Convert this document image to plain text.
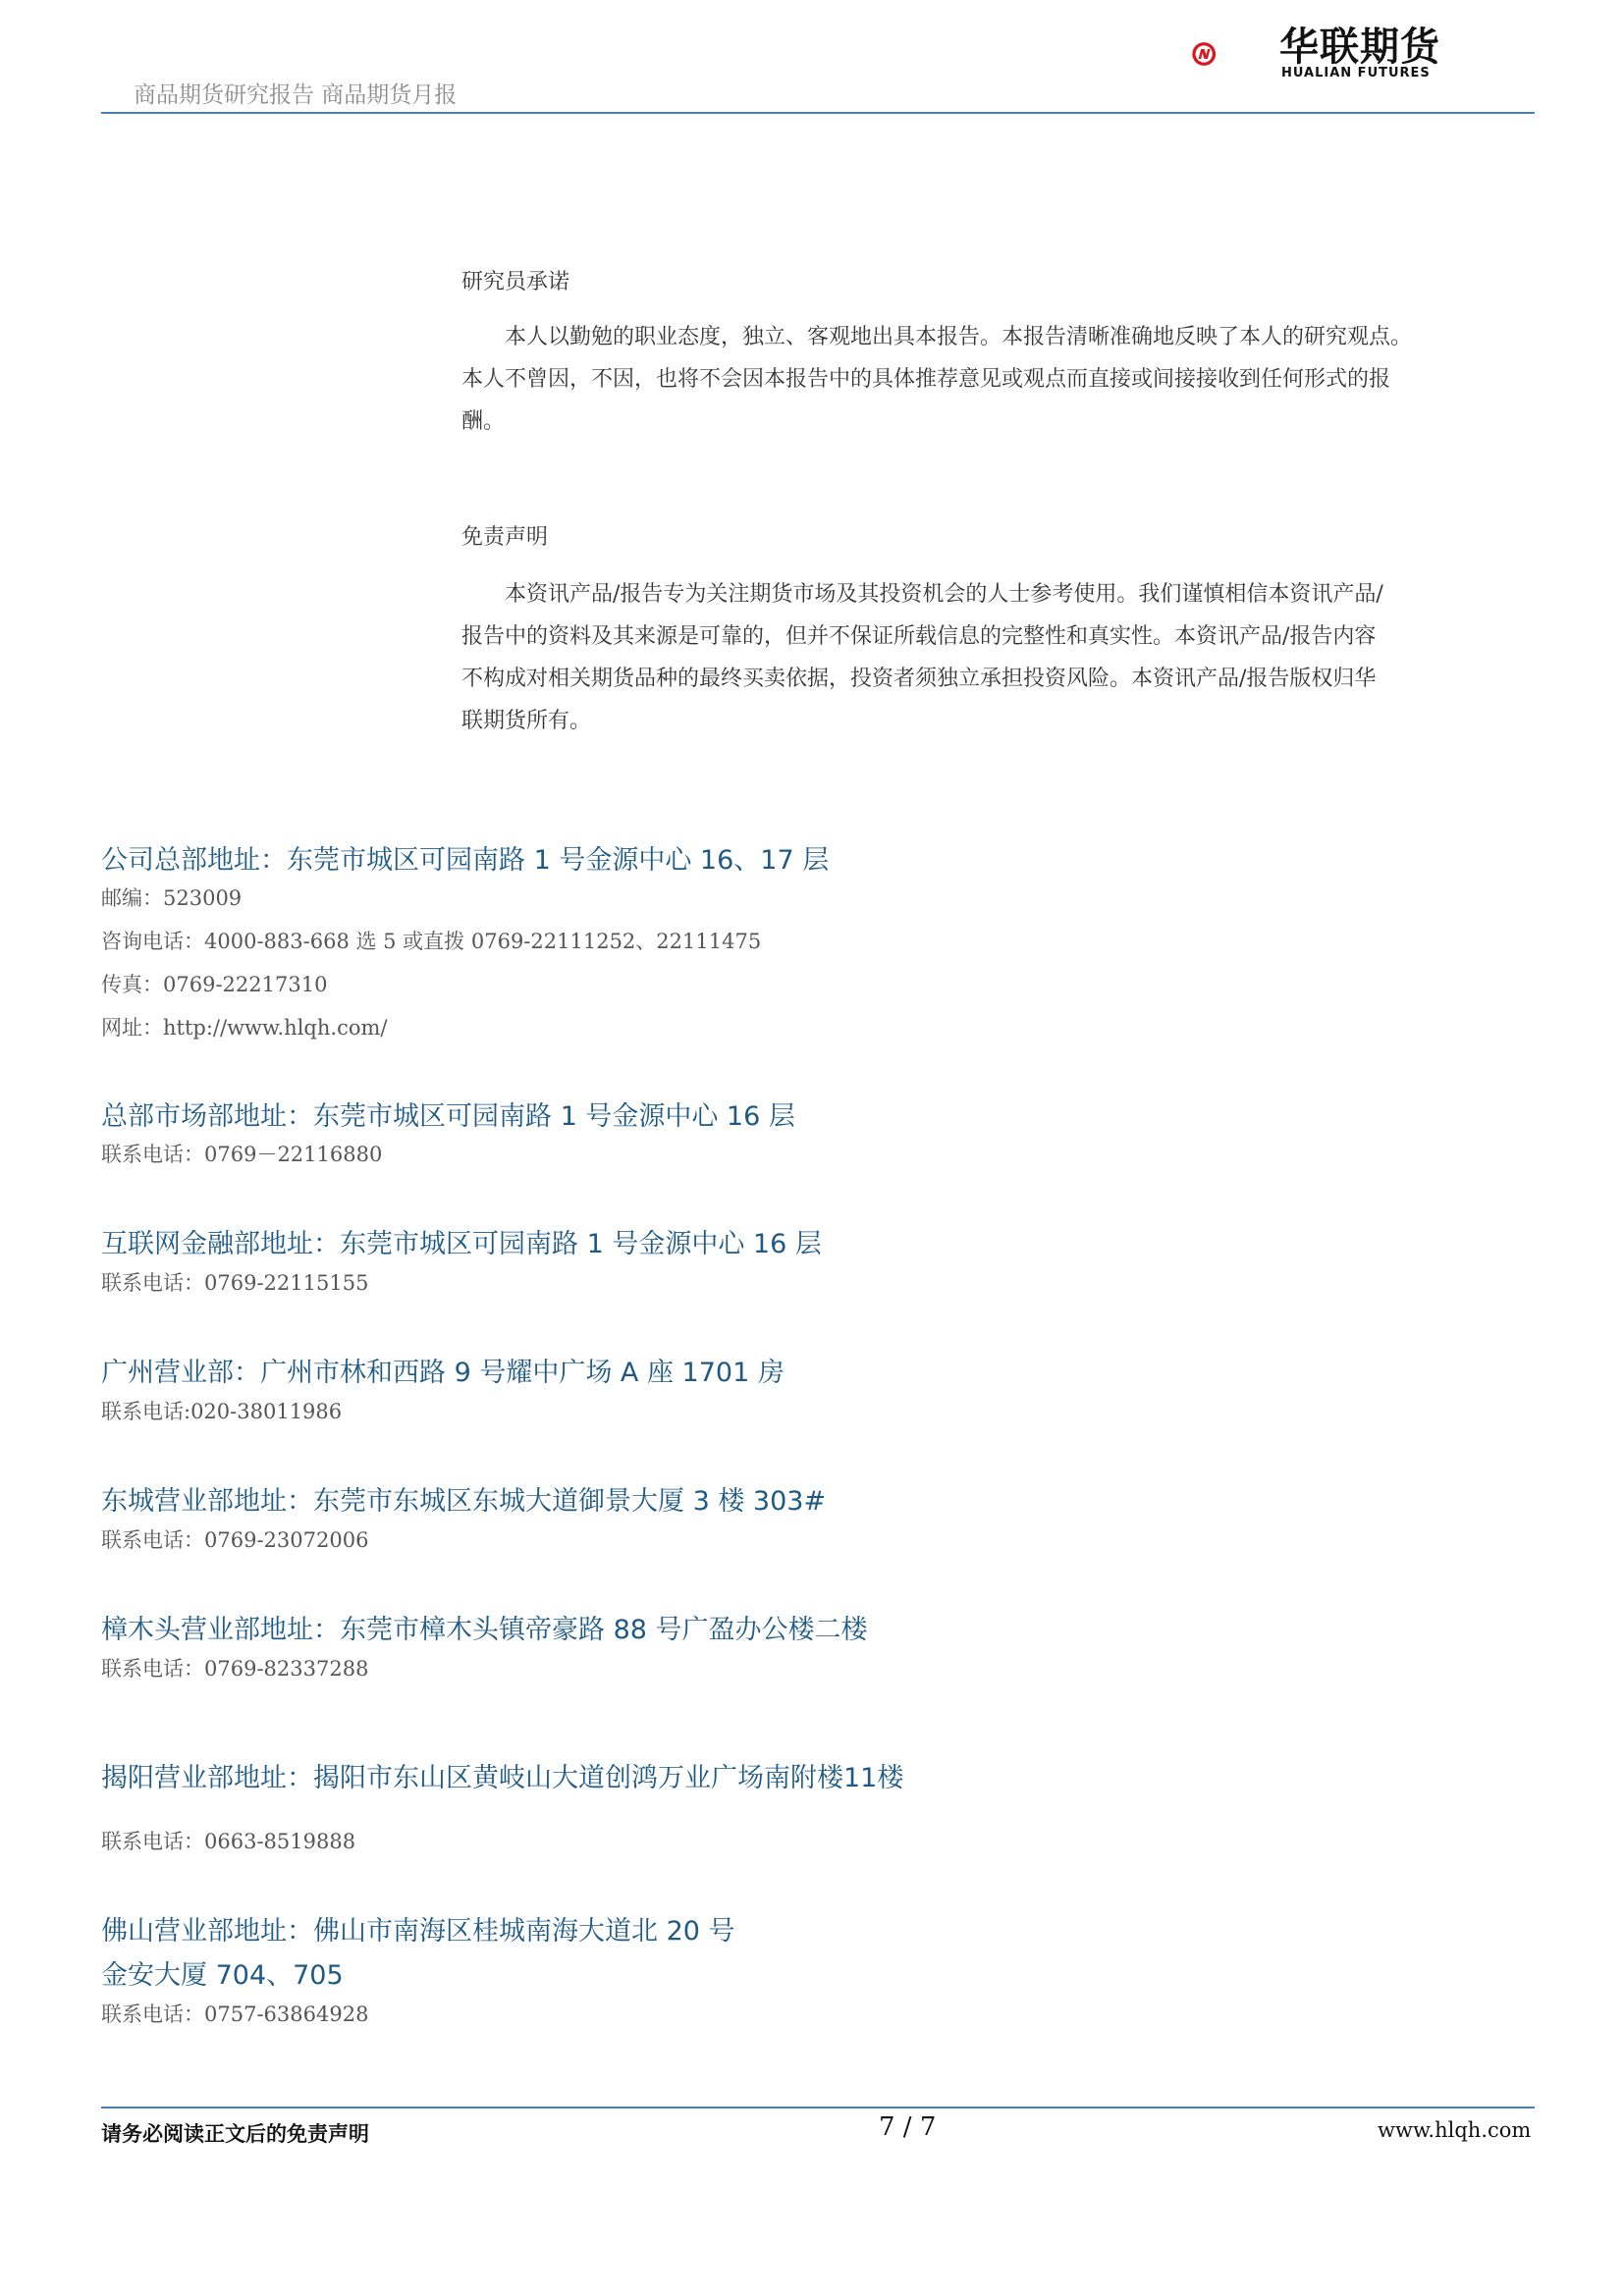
商品期货研究报告 商品期货月报
华联期货
HUALIAN FUTURES
研究员承诺
　　本人以勤勉的职业态度，独立、客观地出具本报告。本报告清晰准确地反映了本人的研究观点。
本人不曾因，不因，也将不会因本报告中的具体推荐意见或观点而直接或间接接收到任何形式的报
酬。
免责声明
　　本资讯产品/报告专为关注期货市场及其投资机会的人士参考使用。我们谨慎相信本资讯产品/
报告中的资料及其来源是可靠的，但并不保证所载信息的完整性和真实性。本资讯产品/报告内容
不构成对相关期货品种的最终买卖依据，投资者须独立承担投资风险。本资讯产品/报告版权归华
联期货所有。
公司总部地址：东莞市城区可园南路 1 号金源中心 16、17 层
邮编：523009
咨询电话：4000-883-668 选 5 或直拨 0769-22111252、22111475
传真：0769-22217310
网址：http://www.hlqh.com/
总部市场部地址：东莞市城区可园南路 1 号金源中心 16 层
联系电话：0769－22116880
互联网金融部地址：东莞市城区可园南路 1 号金源中心 16 层
联系电话：0769-22115155
广州营业部：广州市林和西路 9 号耀中广场 A 座 1701 房
联系电话:020-38011986
东城营业部地址：东莞市东城区东城大道御景大厦 3 楼 303#
联系电话：0769-23072006
樟木头营业部地址：东莞市樟木头镇帝豪路 88 号广盈办公楼二楼
联系电话：0769-82337288
揭阳营业部地址：揭阳市东山区黄岐山大道创鸿万业广场南附楼11楼
联系电话：0663-8519888
佛山营业部地址：佛山市南海区桂城南海大道北 20 号
金安大厦 704、705
联系电话：0757-63864928
请务必阅读正文后的免责声明	7 / 7	www.hlqh.com
